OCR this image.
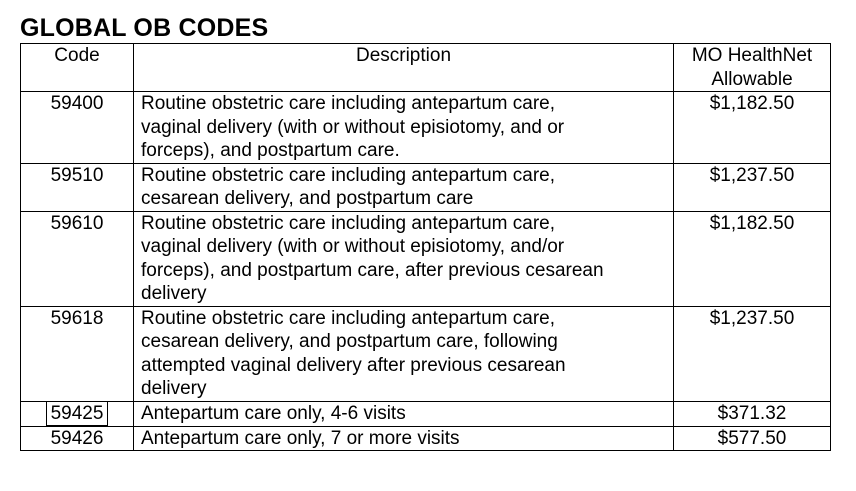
GLOBAL OB CODES
Code	Description	MO HealthNet
Allowable

59400	Routine obstetric care including antepartum care,
vaginal delivery (with or without episiotomy, and or
forceps), and postpartum care.	$1,182.50
59510	Routine obstetric care including antepartum care,
cesarean delivery, and postpartum care	$1,237.50
59610	Routine obstetric care including antepartum care,
vaginal delivery (with or without episiotomy, and/or
forceps), and postpartum care, after previous cesarean
delivery	$1,182.50
59618	Routine obstetric care including antepartum care,
cesarean delivery, and postpartum care, following
attempted vaginal delivery after previous cesarean
delivery	$1,237.50
59425	Antepartum care only, 4-6 visits	$371.32
59426	Antepartum care only, 7 or more visits	$577.50
